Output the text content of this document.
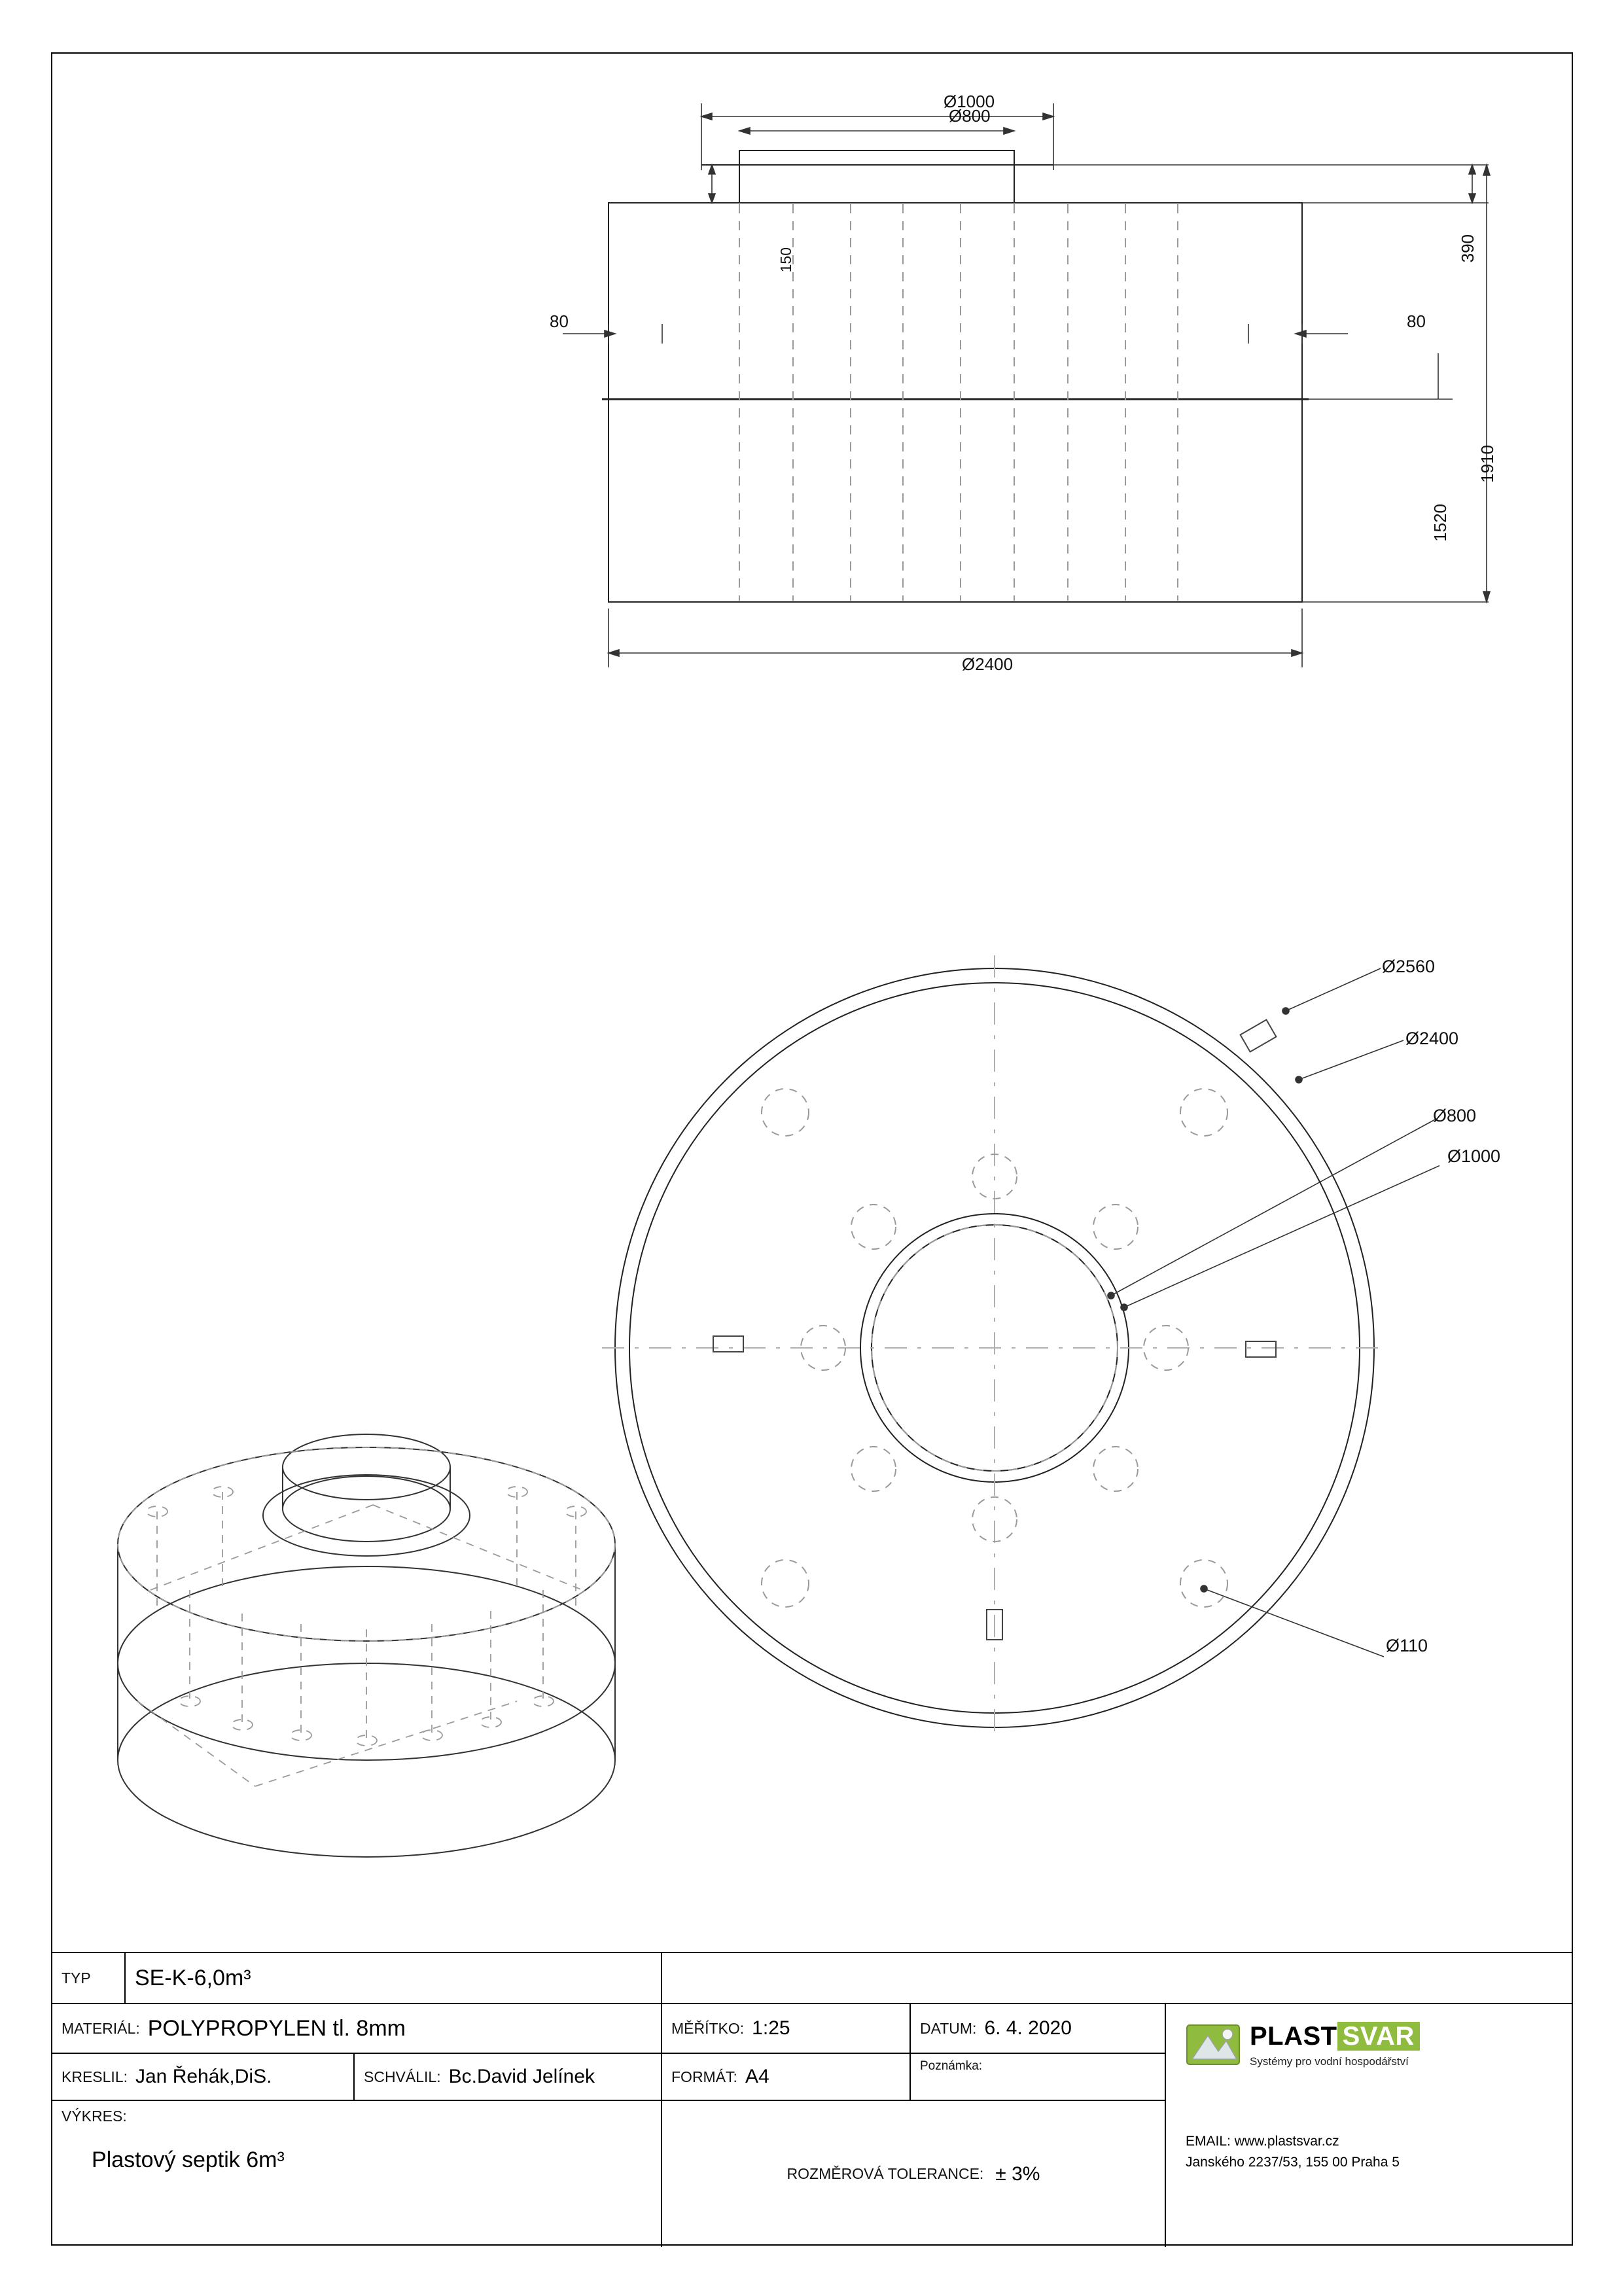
Ø1000
Ø800
150	390
1910
1520
80	80
Ø2400
Ø2560
Ø2400
Ø800
Ø1000
Ø110
TYP SE-K-6,0m³
MATERIÁL: POLYPROPYLEN tl. 8mm	MĚŘÍTKO: 1:25	DATUM: 6. 4. 2020	PLAST SVAR
Systémy pro vodní hospodářství
EMAIL: www.plastsvar.cz
Janského 2237/53, 155 00 Praha 5
KRESLIL: Jan Řehák,DiS.	SCHVÁLIL: Bc.David Jelínek	FORMÁT: A4	Poznámka:
VÝKRES:
Plastový septik 6m³
ROZMĚROVÁ TOLERANCE: ± 3%
